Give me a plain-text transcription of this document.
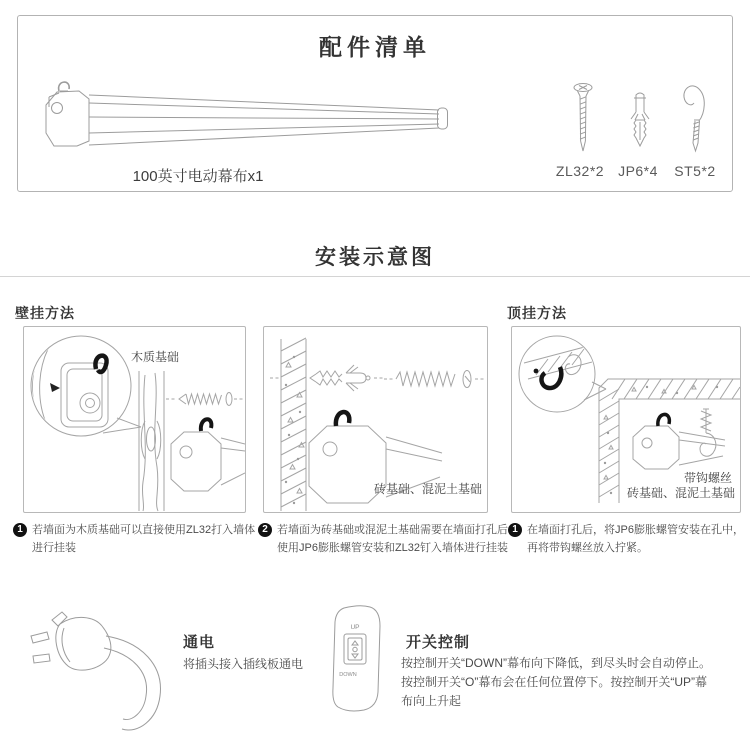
配件清单
100英寸电动幕布x1	ZL32*2 JP6*4	ST5*2
安装示意图
壁挂方法	顶挂方法
木质基础
砖基础、混泥土基础
带钩螺丝
砖基础、混泥土基础
1 若墙面为木质基础可以直接使用ZL32打入墙体进行挂装
2 若墙面为砖基础或混泥土基础需要在墙面打孔后使用JP6膨胀螺管安装和ZL32钉入墙体进行挂装
1 在墙面打孔后，将JP6膨胀螺管安装在孔中，再将带钩螺丝放入拧紧。
通电
将插头接入插线板通电
UP
DOWN
开关控制
按控制开关“DOWN”幕布向下降低，到尽头时会自动停止。按控制开关“O”幕布会在任何位置停下。按控制开关“UP”幕布向上升起
